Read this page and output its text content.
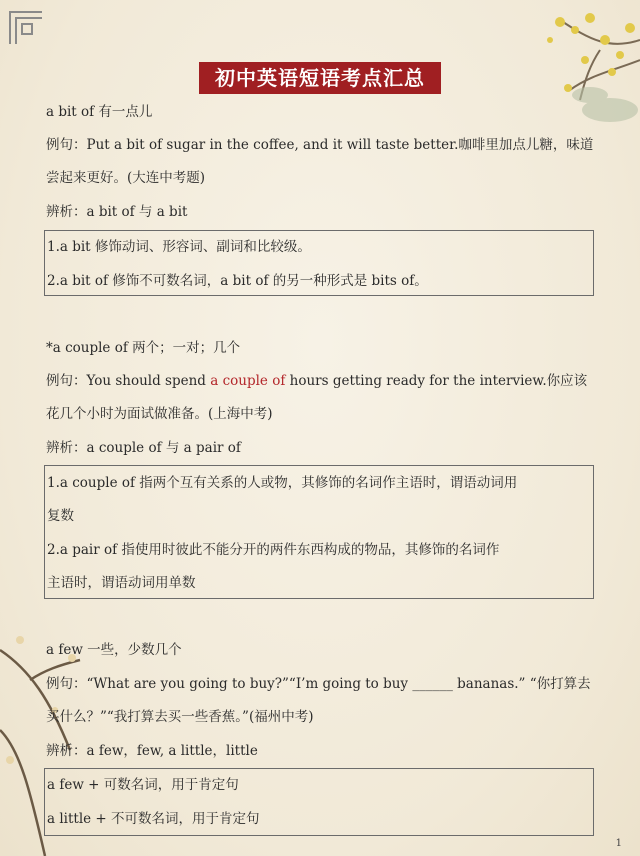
初中英语短语考点汇总
a bit of 有一点儿
例句：Put a bit of sugar in the coffee, and it will taste better.咖啡里加点儿糖，味道
尝起来更好。(大连中考题)
辨析：a bit of 与 a bit
1.a bit 修饰动词、形容词、副词和比较级。
2.a bit of 修饰不可数名词，a bit of 的另一种形式是 bits of。
*a couple of 两个；一对；几个
例句：You should spend a couple of hours getting ready for the interview.你应该
花几个小时为面试做准备。(上海中考)
辨析：a couple of 与 a pair of
1.a couple of 指两个互有关系的人或物，其修饰的名词作主语时，谓语动词用
复数
2.a pair of 指使用时彼此不能分开的两件东西构成的物品，其修饰的名词作
主语时，谓语动词用单数
a few 一些，少数几个
例句：“What are you going to buy?”“I’m going to buy ______ bananas.” “你打算去
买什么？”“我打算去买一些香蕉。”(福州中考)
辨析：a few，few, a little，little
a few + 可数名词，用于肯定句
a little + 不可数名词，用于肯定句
1
